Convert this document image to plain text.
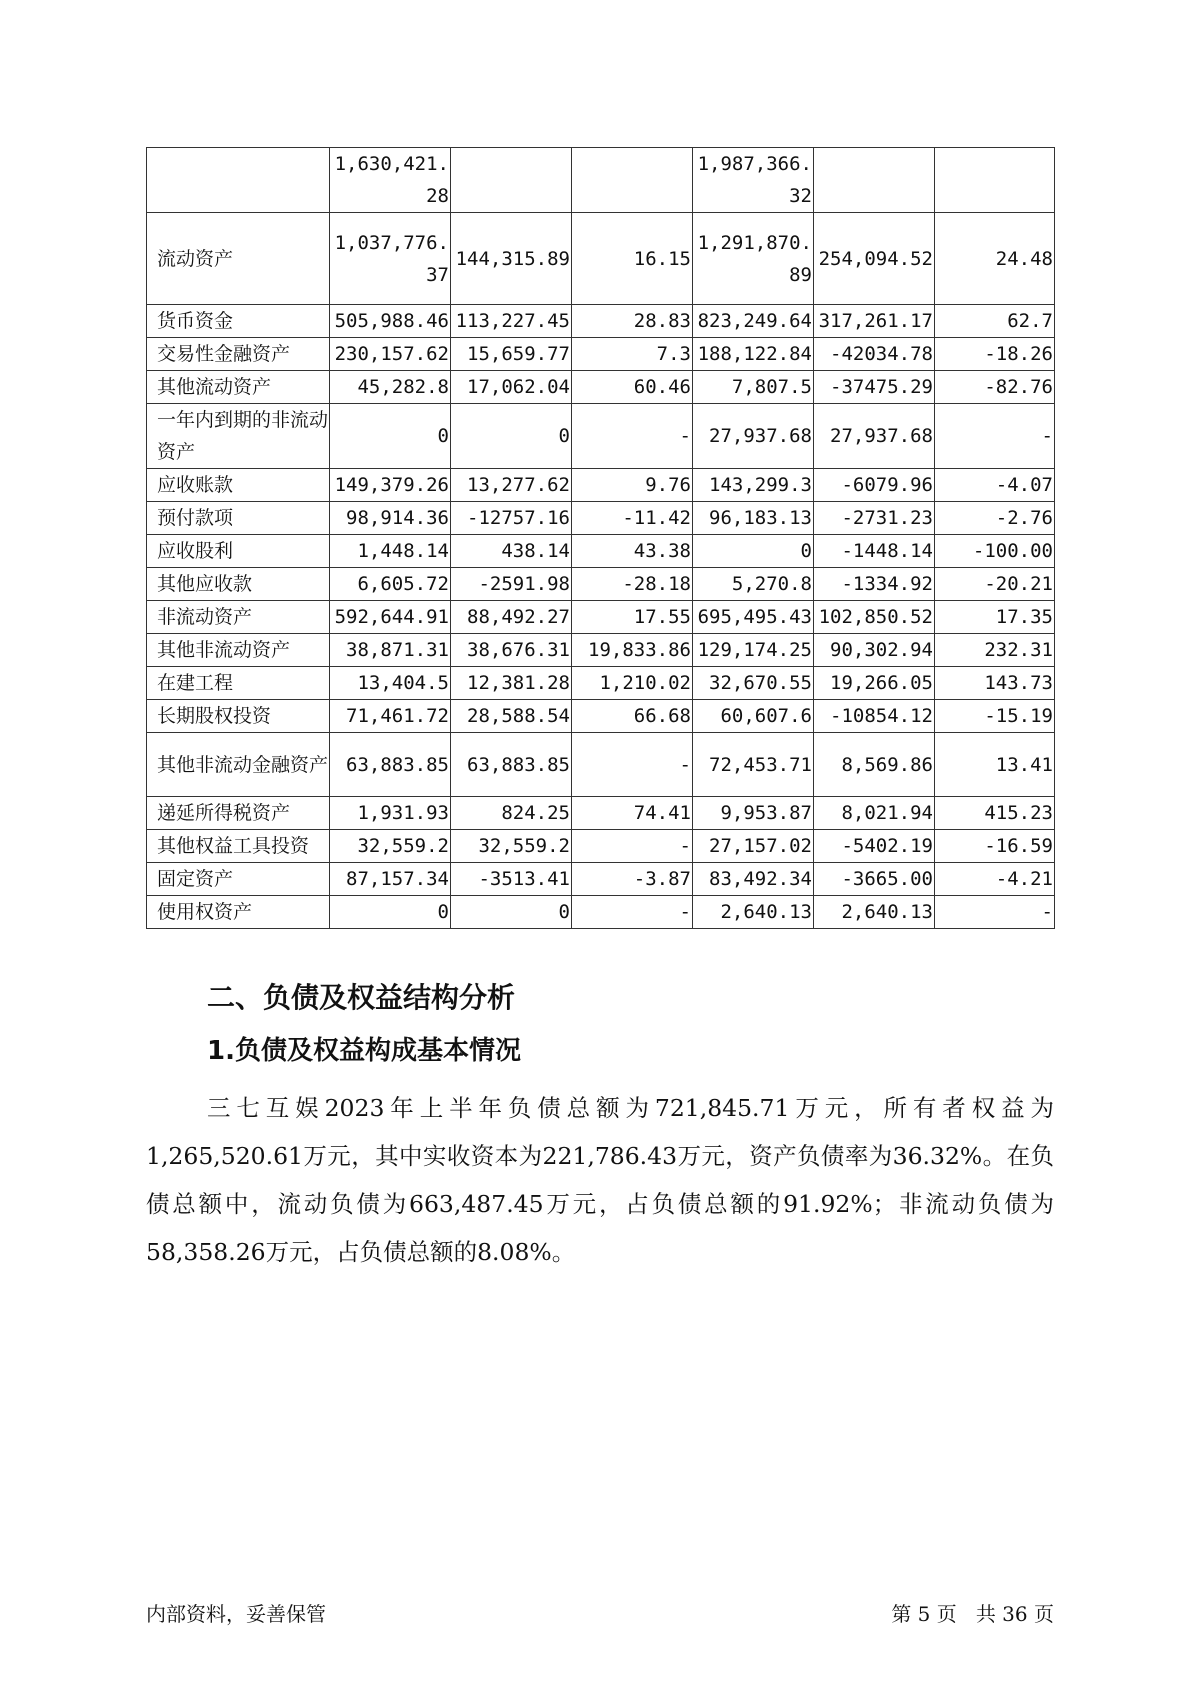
	1,630,421.28			1,987,366.32		
流动资产	1,037,776.37	144,315.89	16.15	1,291,870.89	254,094.52	24.48
货币资金	505,988.46	113,227.45	28.83	823,249.64	317,261.17	62.7
交易性金融资产	230,157.62	15,659.77	7.3	188,122.84	-42034.78	-18.26
其他流动资产	45,282.8	17,062.04	60.46	7,807.5	-37475.29	-82.76
一年内到期的非流动资产	0	0	-	27,937.68	27,937.68	-
应收账款	149,379.26	13,277.62	9.76	143,299.3	-6079.96	-4.07
预付款项	98,914.36	-12757.16	-11.42	96,183.13	-2731.23	-2.76
应收股利	1,448.14	438.14	43.38	0	-1448.14	-100.00
其他应收款	6,605.72	-2591.98	-28.18	5,270.8	-1334.92	-20.21
非流动资产	592,644.91	88,492.27	17.55	695,495.43	102,850.52	17.35
其他非流动资产	38,871.31	38,676.31	19,833.86	129,174.25	90,302.94	232.31
在建工程	13,404.5	12,381.28	1,210.02	32,670.55	19,266.05	143.73
长期股权投资	71,461.72	28,588.54	66.68	60,607.6	-10854.12	-15.19
其他非流动金融资产	63,883.85	63,883.85	-	72,453.71	8,569.86	13.41
递延所得税资产	1,931.93	824.25	74.41	9,953.87	8,021.94	415.23
其他权益工具投资	32,559.2	32,559.2	-	27,157.02	-5402.19	-16.59
固定资产	87,157.34	-3513.41	-3.87	83,492.34	-3665.00	-4.21
使用权资产	0	0	-	2,640.13	2,640.13	-
二、负债及权益结构分析
1.负债及权益构成基本情况

三七互娱2023年上半年负债总额为721,845.71万元，所有者权益为1,265,520.61万元，其中实收资本为221,786.43万元，资产负债率为36.32%。在负债总额中，流动负债为663,487.45万元，占负债总额的91.92%；非流动负债为58,358.26万元，占负债总额的8.08%。

内部资料，妥善保管	第 5 页   共 36 页
